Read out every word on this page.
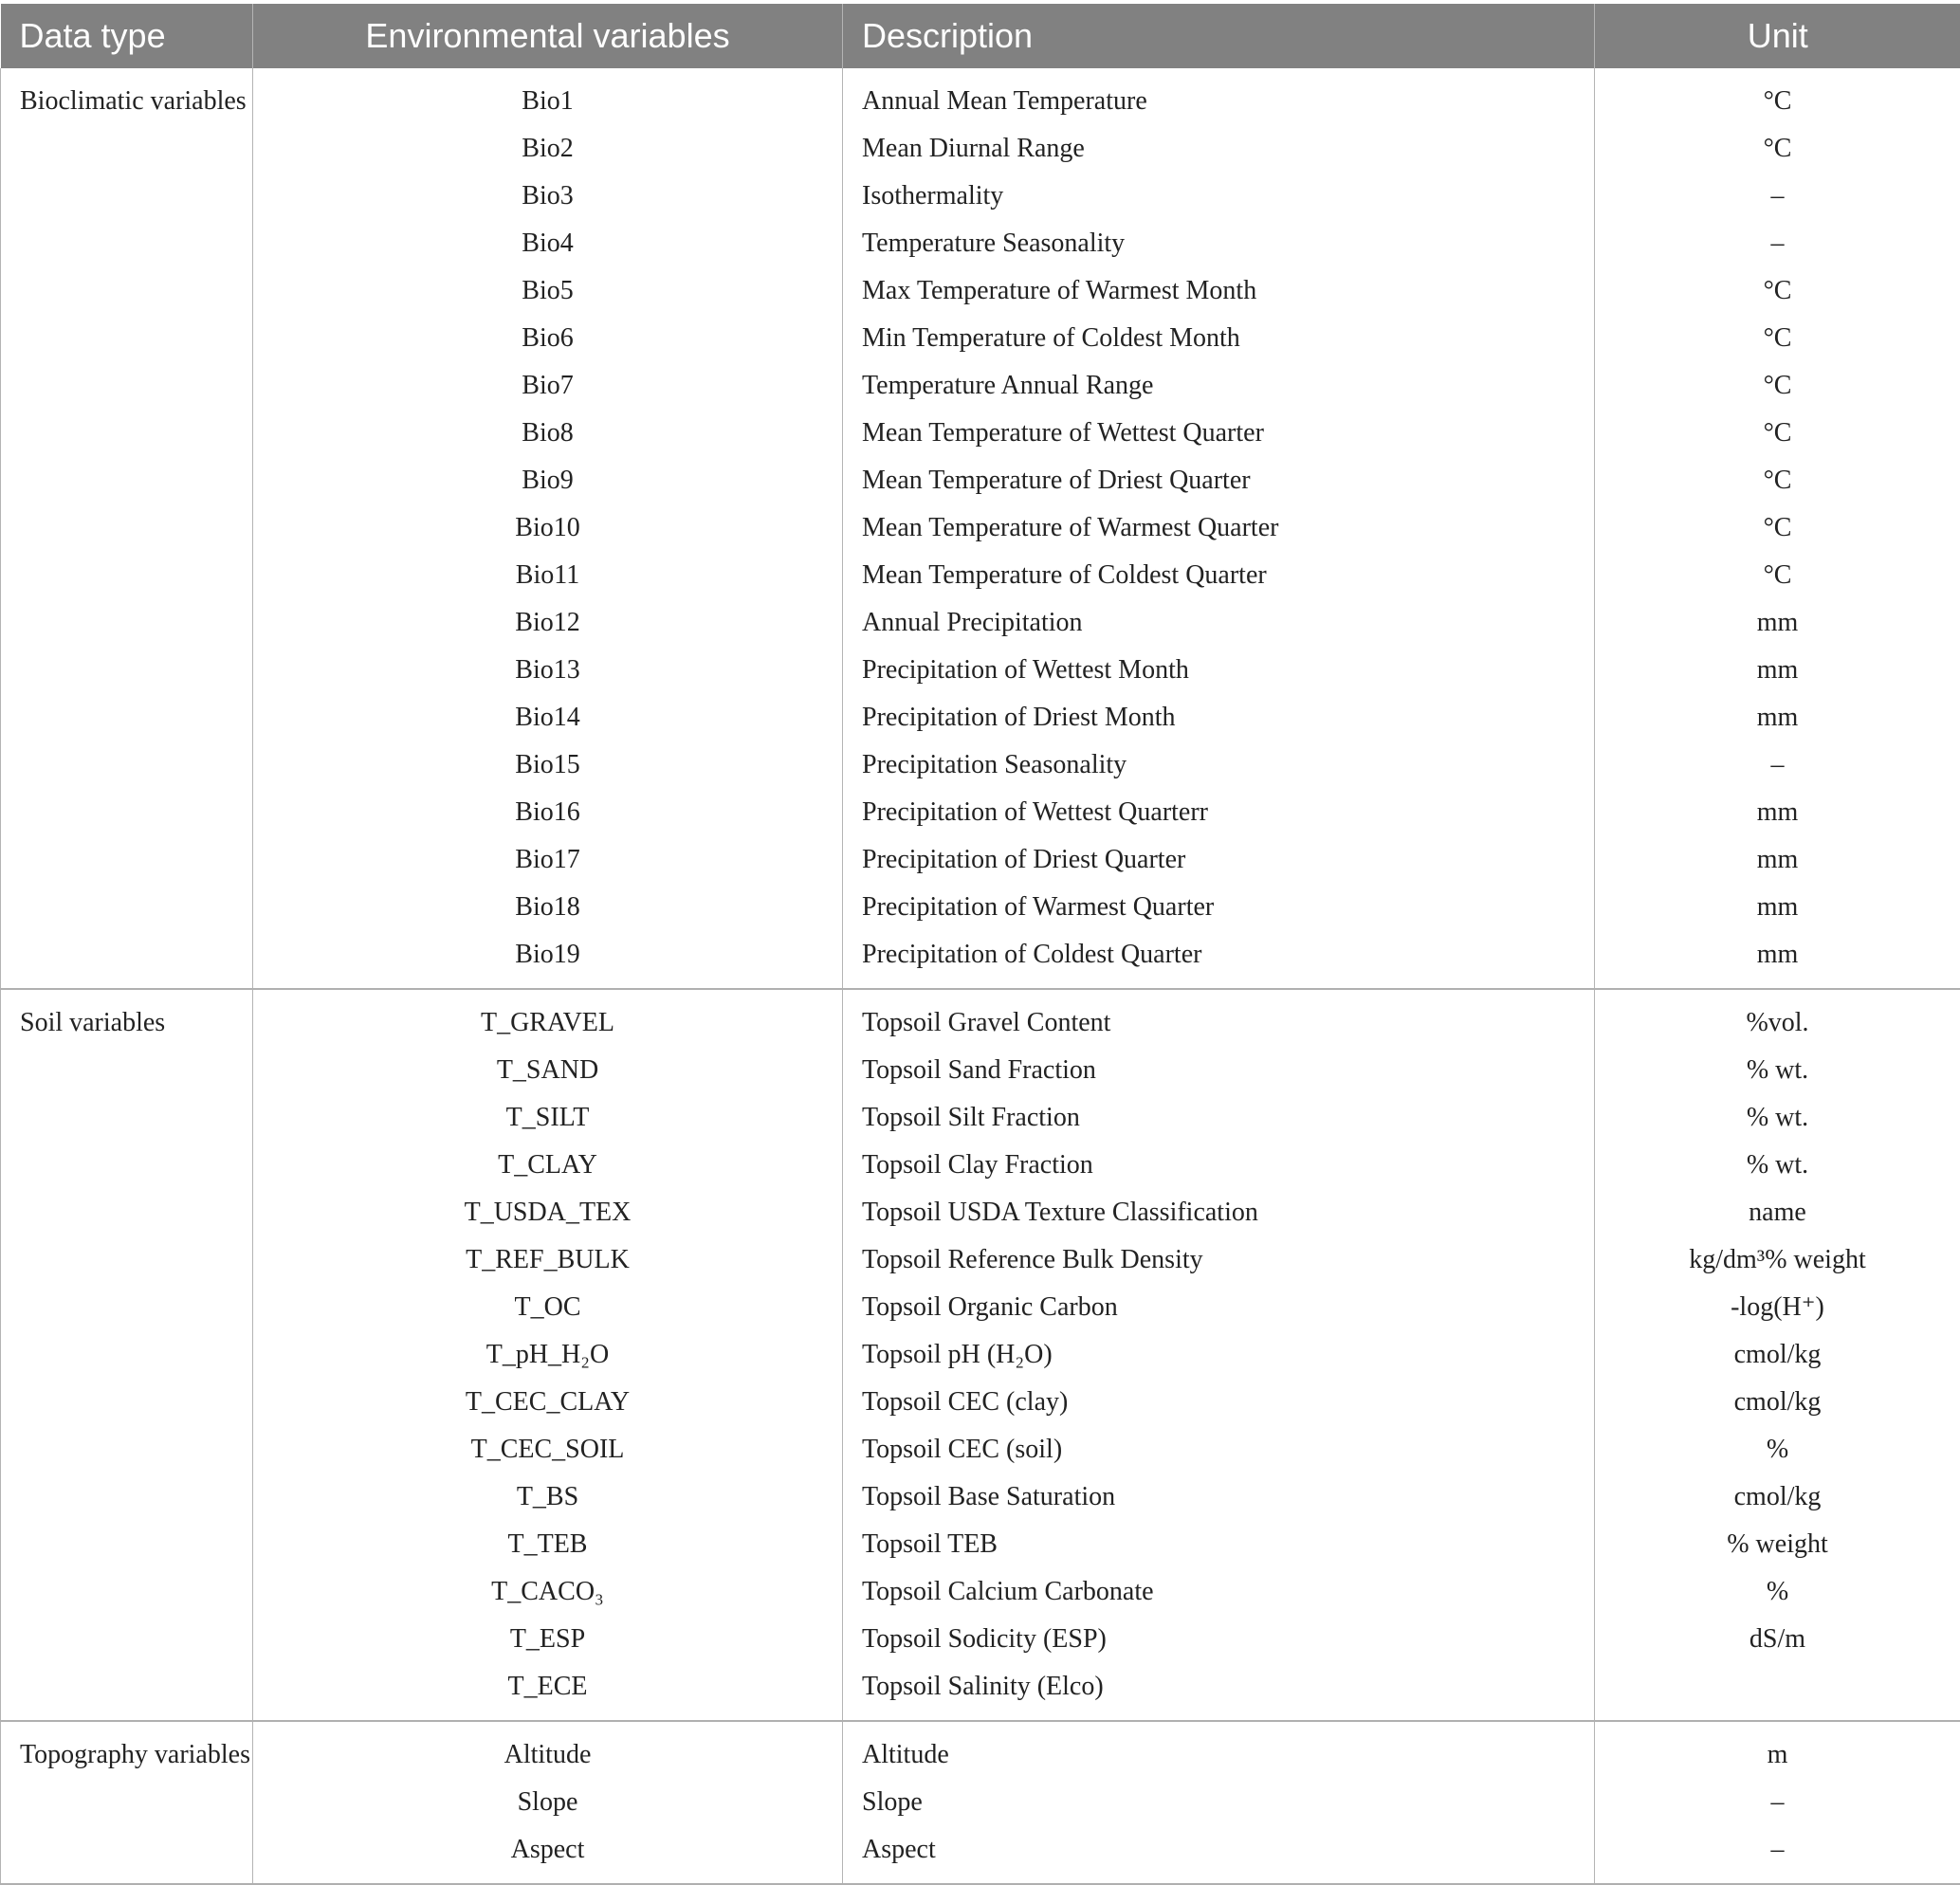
Data type	Environmental variables	Description	Unit
Bioclimatic variables	Bio1	Annual Mean Temperature	°C
	Bio2	Mean Diurnal Range	°C
	Bio3	Isothermality	–
	Bio4	Temperature Seasonality	–
	Bio5	Max Temperature of Warmest Month	°C
	Bio6	Min Temperature of Coldest Month	°C
	Bio7	Temperature Annual Range	°C
	Bio8	Mean Temperature of Wettest Quarter	°C
	Bio9	Mean Temperature of Driest Quarter	°C
	Bio10	Mean Temperature of Warmest Quarter	°C
	Bio11	Mean Temperature of Coldest Quarter	°C
	Bio12	Annual Precipitation	mm
	Bio13	Precipitation of Wettest Month	mm
	Bio14	Precipitation of Driest Month	mm
	Bio15	Precipitation Seasonality	–
	Bio16	Precipitation of Wettest Quarterr	mm
	Bio17	Precipitation of Driest Quarter	mm
	Bio18	Precipitation of Warmest Quarter	mm
	Bio19	Precipitation of Coldest Quarter	mm
Soil variables	T_GRAVEL	Topsoil Gravel Content	%vol.
	T_SAND	Topsoil Sand Fraction	% wt.
	T_SILT	Topsoil Silt Fraction	% wt.
	T_CLAY	Topsoil Clay Fraction	% wt.
	T_USDA_TEX	Topsoil USDA Texture Classification	name
	T_REF_BULK	Topsoil Reference Bulk Density	kg/dm³% weight
	T_OC	Topsoil Organic Carbon	-log(H⁺)
	T_pH_H₂O	Topsoil pH (H₂O)	cmol/kg
	T_CEC_CLAY	Topsoil CEC (clay)	cmol/kg
	T_CEC_SOIL	Topsoil CEC (soil)	%
	T_BS	Topsoil Base Saturation	cmol/kg
	T_TEB	Topsoil TEB	% weight
	T_CACO₃	Topsoil Calcium Carbonate	%
	T_ESP	Topsoil Sodicity (ESP)	dS/m
	T_ECE	Topsoil Salinity (Elco)	
Topography variables	Altitude	Altitude	m
	Slope	Slope	–
	Aspect	Aspect	–
